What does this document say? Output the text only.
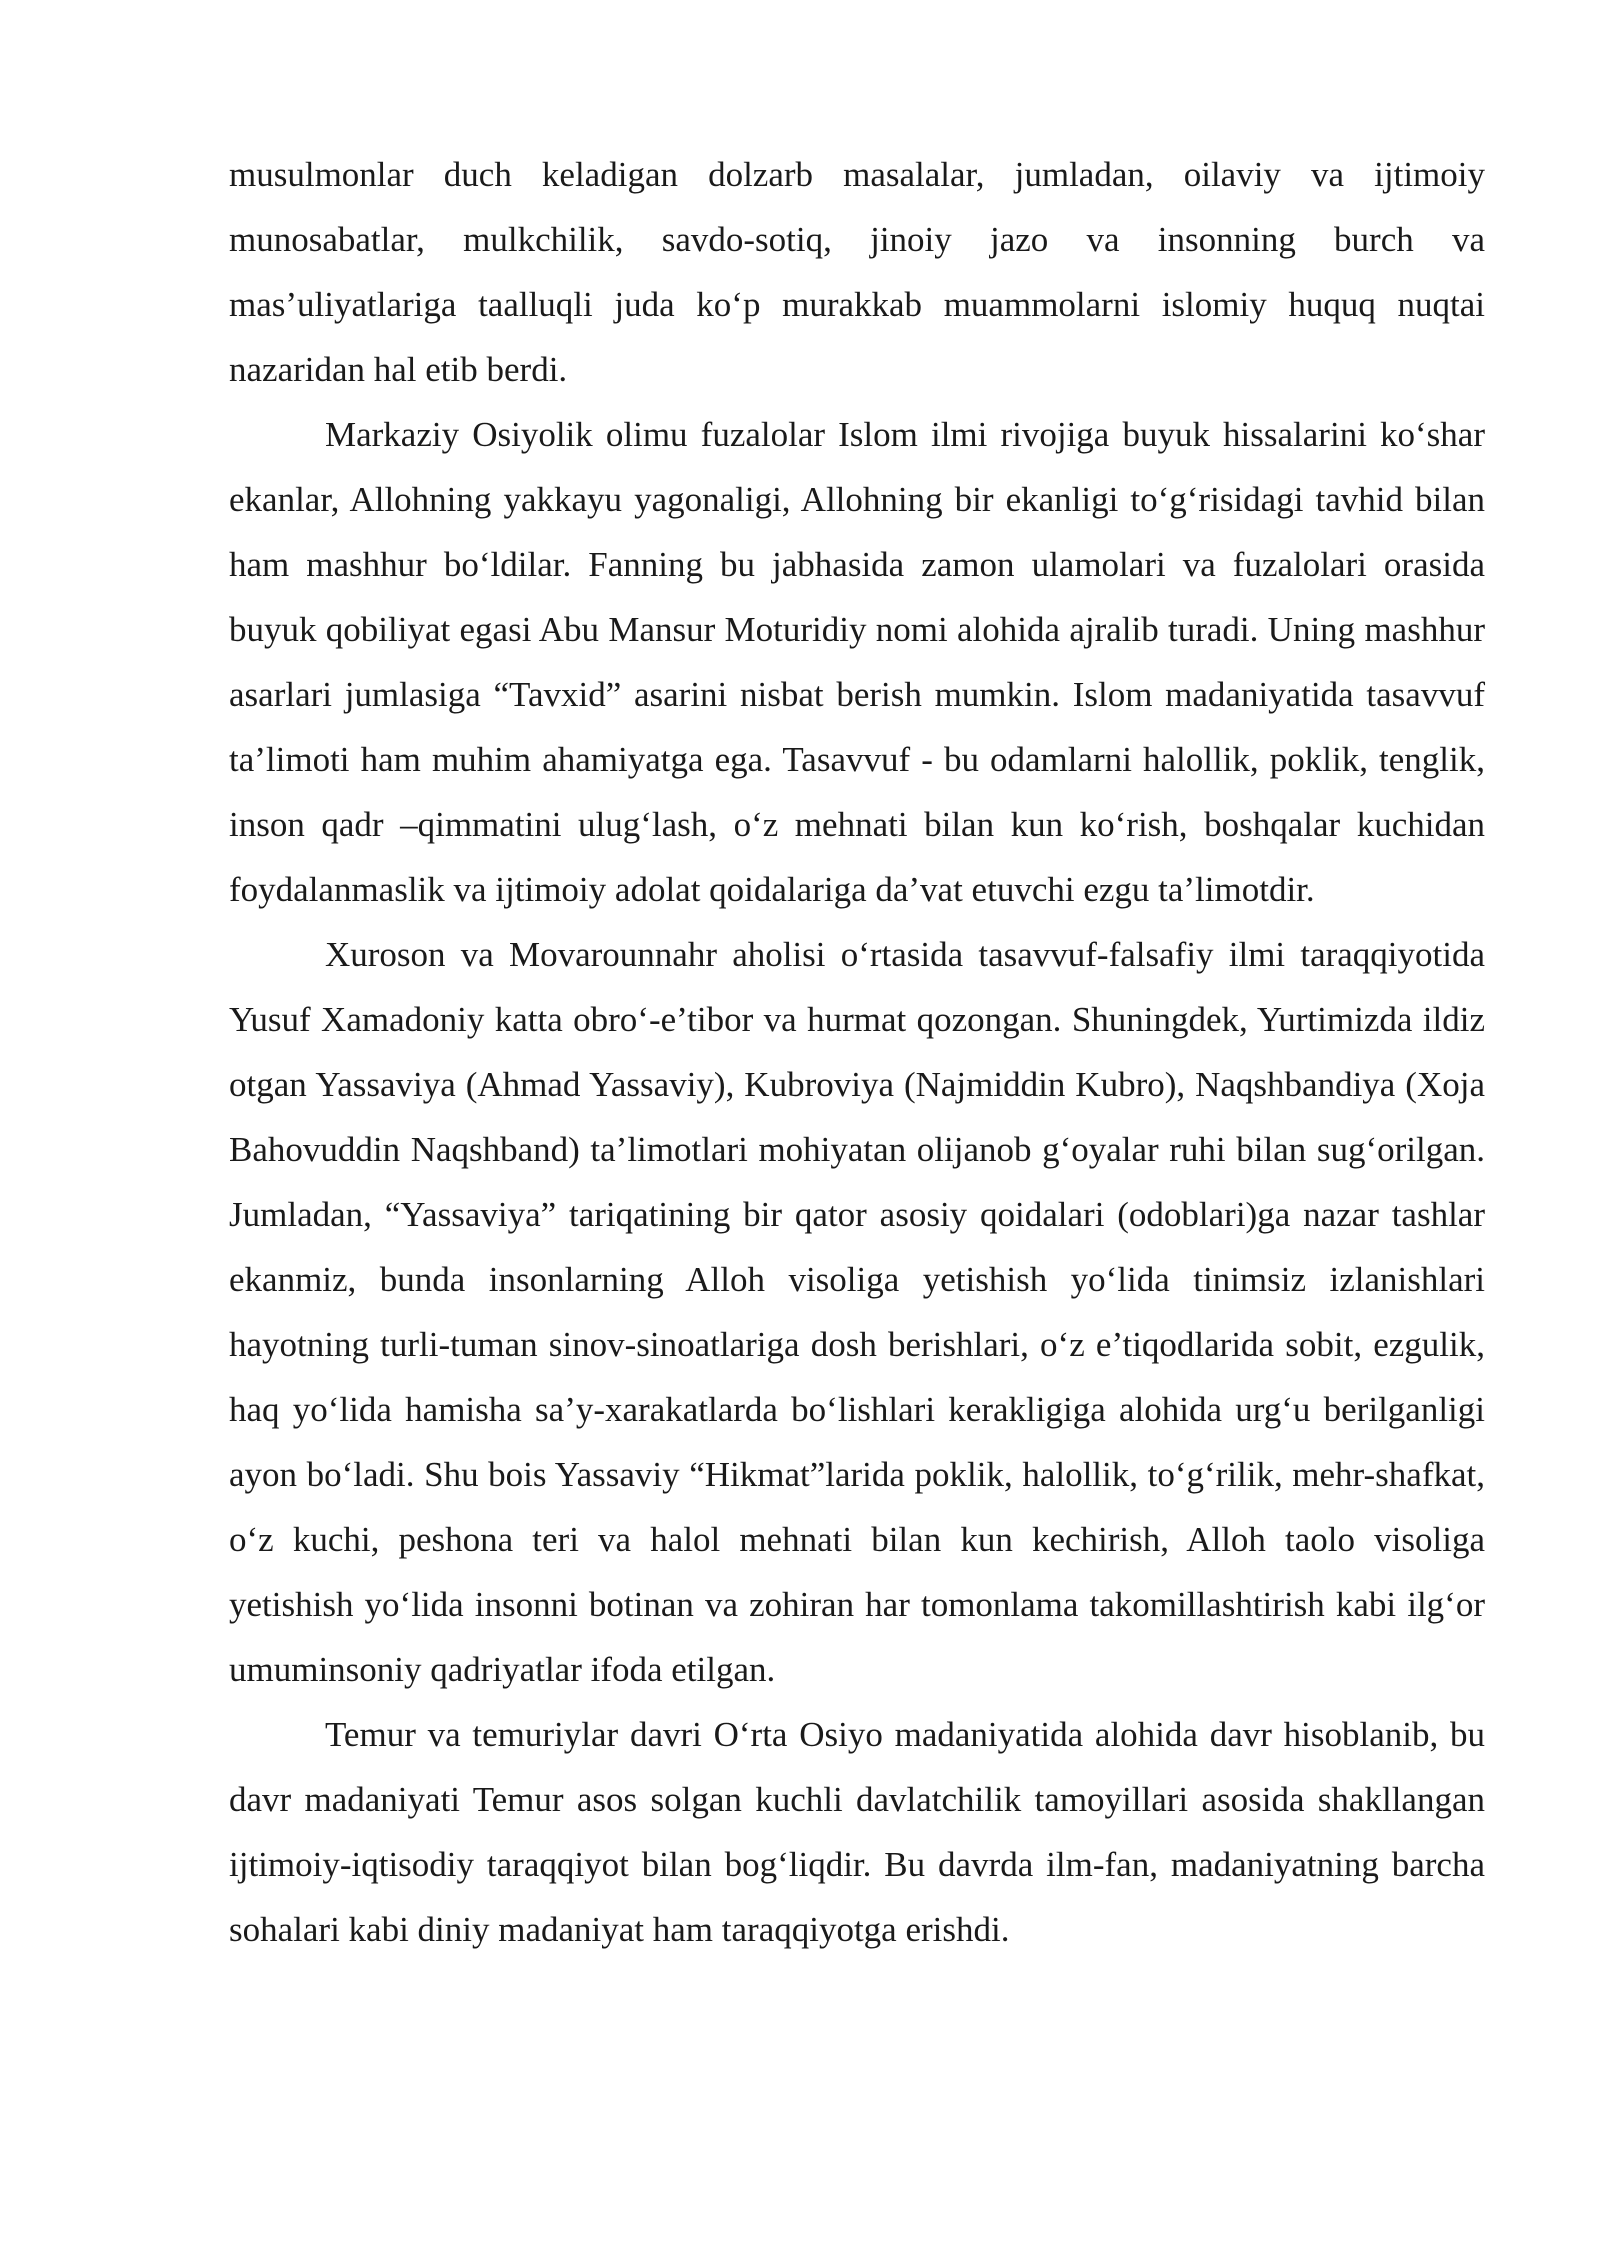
musulmonlar duch keladigan dolzarb masalalar, jumladan, oilaviy va ijtimoiy munosabatlar, mulkchilik, savdo-sotiq, jinoiy jazo va insonning burch va mas’uliyatlariga taalluqli juda ko‘p murakkab muammolarni islomiy huquq nuqtai nazaridan hal etib berdi.

Markaziy Osiyolik olimu fuzalolar Islom ilmi rivojiga buyuk hissalarini ko‘shar ekanlar, Allohning yakkayu yagonaligi, Allohning bir ekanligi to‘g‘risidagi tavhid bilan ham mashhur bo‘ldilar. Fanning bu jabhasida zamon ulamolari va fuzalolari orasida buyuk qobiliyat egasi Abu Mansur Moturidiy nomi alohida ajralib turadi. Uning mashhur asarlari jumlasiga “Tavxid” asarini nisbat berish mumkin. Islom madaniyatida tasavvuf ta’limoti ham muhim ahamiyatga ega. Tasavvuf - bu odamlarni halollik, poklik, tenglik, inson qadr –qimmatini ulug‘lash, o‘z mehnati bilan kun ko‘rish, boshqalar kuchidan foydalanmaslik va ijtimoiy adolat qoidalariga da’vat etuvchi ezgu ta’limotdir.

Xuroson va Movarounnahr aholisi o‘rtasida tasavvuf-falsafiy ilmi taraqqiyotida Yusuf Xamadoniy katta obro‘-e’tibor va hurmat qozongan. Shuningdek, Yurtimizda ildiz otgan Yassaviya (Ahmad Yassaviy), Kubroviya (Najmiddin Kubro), Naqshbandiya (Xoja Bahovuddin Naqshband) ta’limotlari mohiyatan olijanob g‘oyalar ruhi bilan sug‘orilgan. Jumladan, “Yassaviya” tariqatining bir qator asosiy qoidalari (odoblari)ga nazar tashlar ekanmiz, bunda insonlarning Alloh visoliga yetishish yo‘lida tinimsiz izlanishlari hayotning turli-tuman sinov-sinoatlariga dosh berishlari, o‘z e’tiqodlarida sobit, ezgulik, haq yo‘lida hamisha sa’y-xarakatlarda bo‘lishlari kerakligiga alohida urg‘u berilganligi ayon bo‘ladi. Shu bois Yassaviy “Hikmat”larida poklik, halollik, to‘g‘rilik, mehr-shafkat, o‘z kuchi, peshona teri va halol mehnati bilan kun kechirish, Alloh taolo visoliga yetishish yo‘lida insonni botinan va zohiran har tomonlama takomillashtirish kabi ilg‘or umuminsoniy qadriyatlar ifoda etilgan.

Temur va temuriylar davri O‘rta Osiyo madaniyatida alohida davr hisoblanib, bu davr madaniyati Temur asos solgan kuchli davlatchilik tamoyillari asosida shakllangan ijtimoiy-iqtisodiy taraqqiyot bilan bog‘liqdir. Bu davrda ilm-fan, madaniyatning barcha sohalari kabi diniy madaniyat ham taraqqiyotga erishdi.
